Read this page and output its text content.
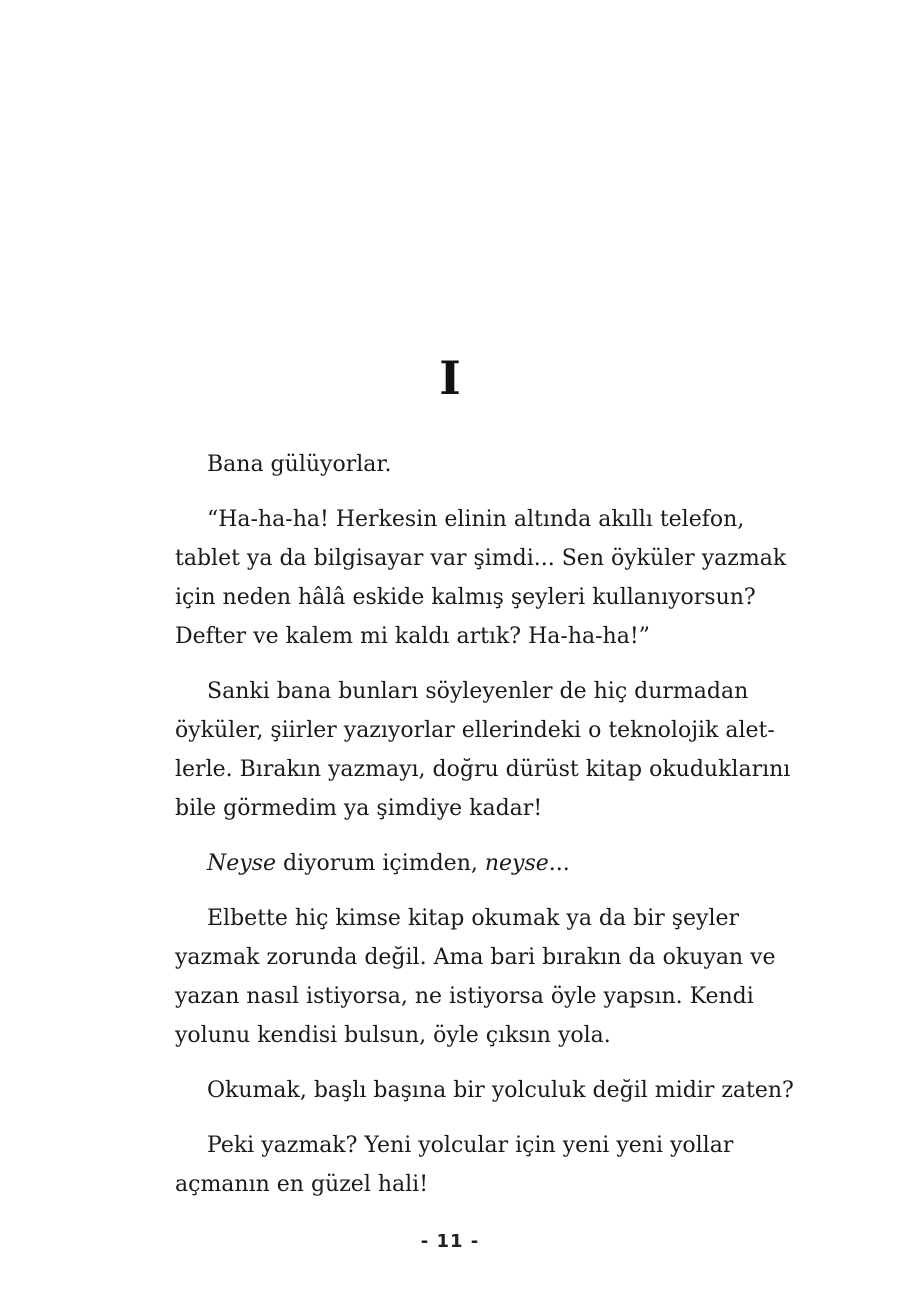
I
Bana gülüyorlar.
“Ha-ha-ha! Herkesin elinin altında akıllı telefon,
tablet ya da bilgisayar var şimdi... Sen öyküler yazmak
için neden hâlâ eskide kalmış şeyleri kullanıyorsun?
Defter ve kalem mi kaldı artık? Ha-ha-ha!”
Sanki bana bunları söyleyenler de hiç durmadan
öyküler, şiirler yazıyorlar ellerindeki o teknolojik alet-
lerle. Bırakın yazmayı, doğru dürüst kitap okuduklarını
bile görmedim ya şimdiye kadar!
Neyse diyorum içimden, neyse...
Elbette hiç kimse kitap okumak ya da bir şeyler
yazmak zorunda değil. Ama bari bırakın da okuyan ve
yazan nasıl istiyorsa, ne istiyorsa öyle yapsın. Kendi
yolunu kendisi bulsun, öyle çıksın yola.
Okumak, başlı başına bir yolculuk değil midir zaten?
Peki yazmak? Yeni yolcular için yeni yeni yollar
açmanın en güzel hali!
- 11 -
